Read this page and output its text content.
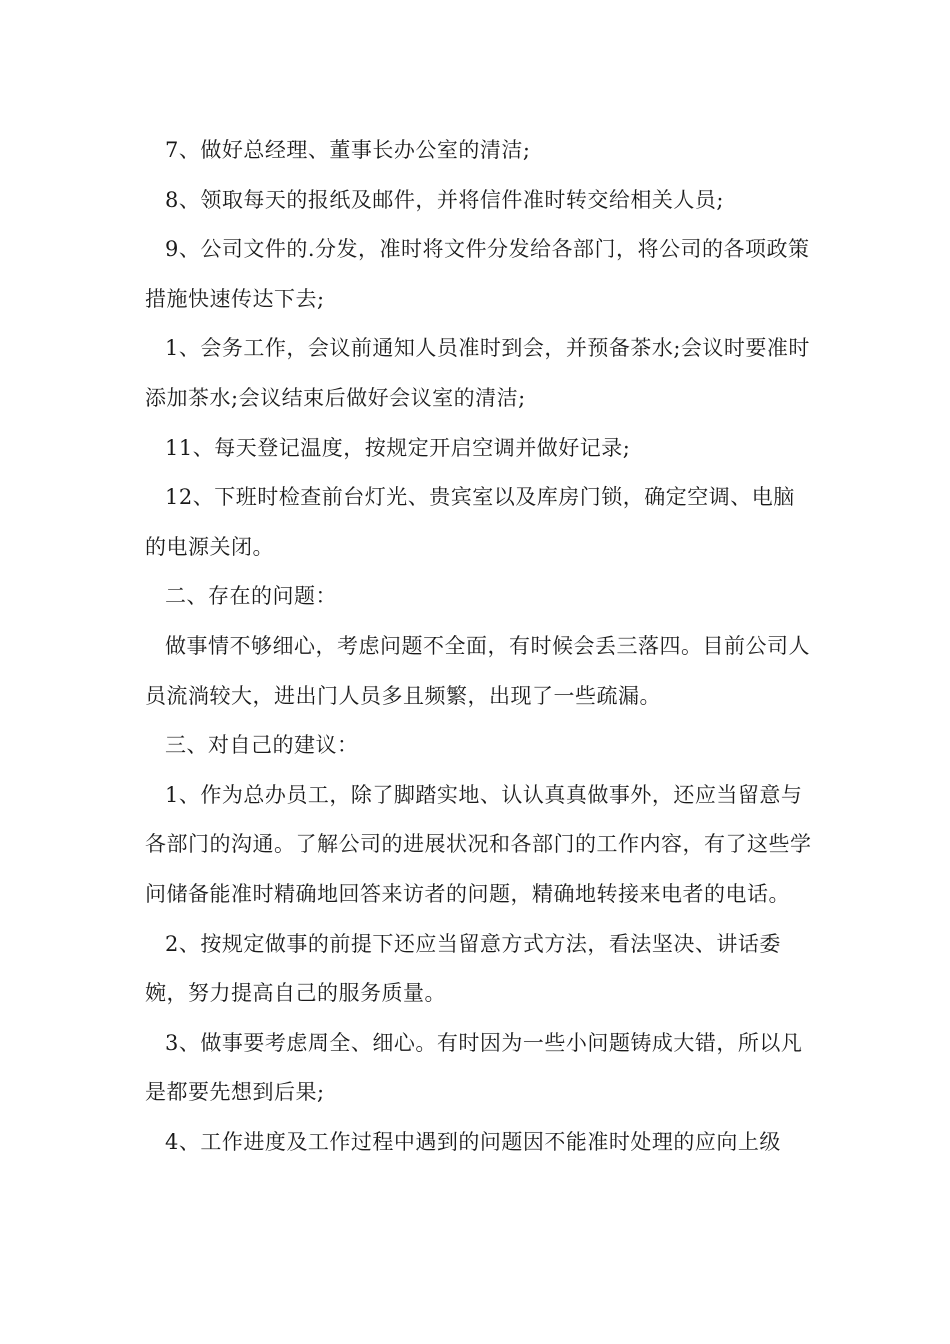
7、做好总经理、董事长办公室的清洁;

8、领取每天的报纸及邮件，并将信件准时转交给相关人员;

9、公司文件的.分发，准时将文件分发给各部门，将公司的各项政策措施快速传达下去;

1、会务工作，会议前通知人员准时到会，并预备茶水;会议时要准时添加茶水;会议结束后做好会议室的清洁;

11、每天登记温度，按规定开启空调并做好记录;

12、下班时检查前台灯光、贵宾室以及库房门锁，确定空调、电脑的电源关闭。

二、存在的问题：

做事情不够细心，考虑问题不全面，有时候会丢三落四。目前公司人员流淌较大，进出门人员多且频繁，出现了一些疏漏。

三、对自己的建议：

1、作为总办员工，除了脚踏实地、认认真真做事外，还应当留意与各部门的沟通。了解公司的进展状况和各部门的工作内容，有了这些学问储备能准时精确地回答来访者的问题，精确地转接来电者的电话。

2、按规定做事的前提下还应当留意方式方法，看法坚决、讲话委婉，努力提高自己的服务质量。

3、做事要考虑周全、细心。有时因为一些小问题铸成大错，所以凡是都要先想到后果;

4、工作进度及工作过程中遇到的问题因不能准时处理的应向上级
